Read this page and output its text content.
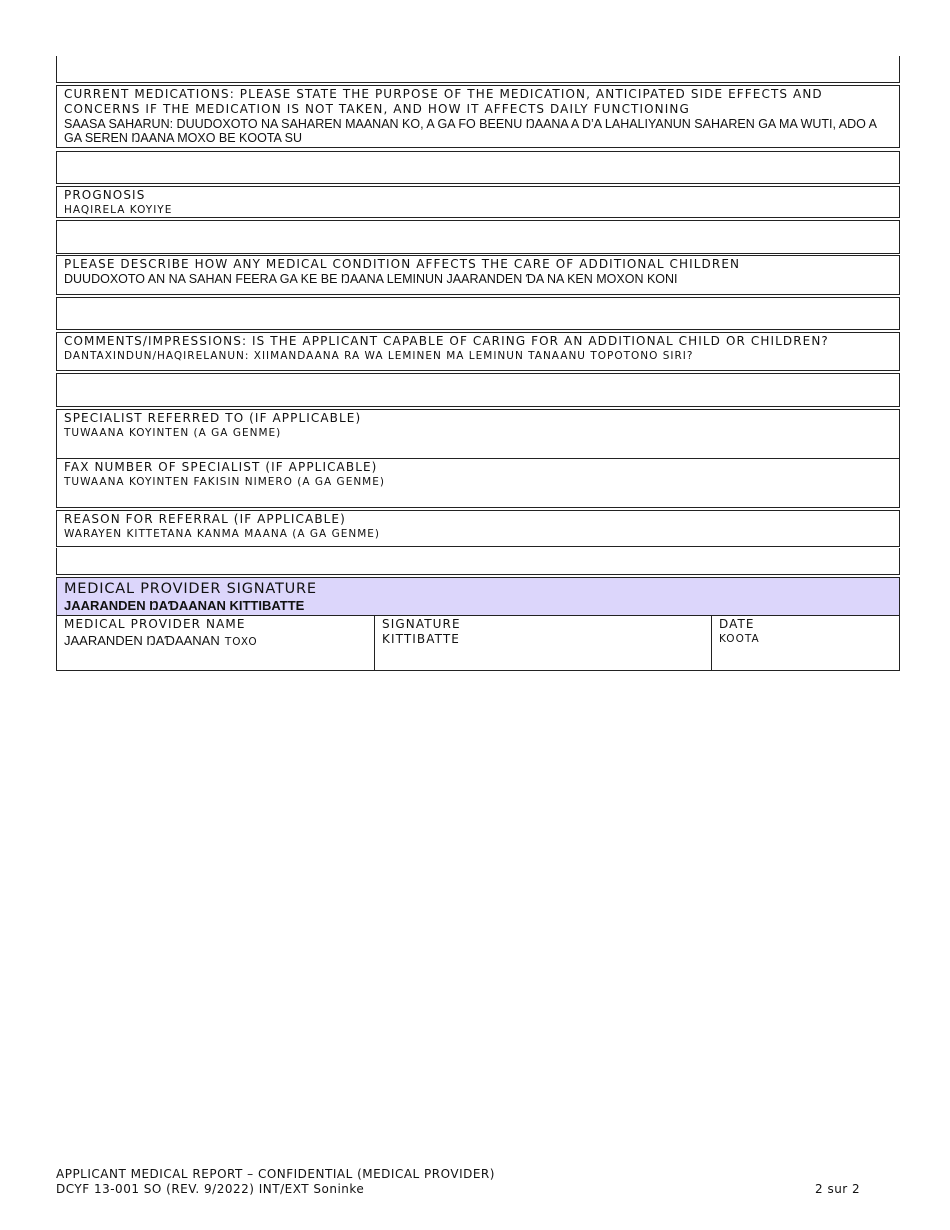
CURRENT MEDICATIONS: PLEASE STATE THE PURPOSE OF THE MEDICATION, ANTICIPATED SIDE EFFECTS AND
CONCERNS IF THE MEDICATION IS NOT TAKEN, AND HOW IT AFFECTS DAILY FUNCTIONING
SAASA SAHARUN: DUUDOXOTO NA SAHAREN MAANAN KO, A GA FO BEENU ŊAANA A D’A LAHALIYANUN SAHAREN GA MA WUTI, ADO A GA SEREN ŊAANA MOXO BE KOOTA SU
PROGNOSIS
HAQIRELA KOYIYE
PLEASE DESCRIBE HOW ANY MEDICAL CONDITION AFFECTS THE CARE OF ADDITIONAL CHILDREN
DUUDOXOTO AN NA SAHAN FEERA GA KE BE ŊAANA LEMINUN JAARANDEN ƊA NA KEN MOXON KONI
COMMENTS/IMPRESSIONS: IS THE APPLICANT CAPABLE OF CARING FOR AN ADDITIONAL CHILD OR CHILDREN?
DANTAXINDUN/HAQIRELANUN: XIIMANDAANA RA WA LEMINEN MA LEMINUN TANAANU TOPOTONO SIRI?
SPECIALIST REFERRED TO (IF APPLICABLE)
TUWAANA KOYINTEN (A GA GENME)
FAX NUMBER OF SPECIALIST (IF APPLICABLE)
TUWAANA KOYINTEN FAKISIN NIMERO (A GA GENME)
REASON FOR REFERRAL (IF APPLICABLE)
WARAYEN KITTETANA KANMA MAANA (A GA GENME)
MEDICAL PROVIDER SIGNATURE
JAARANDEN ŊAƊAANAN KITTIBATTE
MEDICAL PROVIDER NAME
JAARANDEN ŊAƊAANAN TOXO
SIGNATURE
KITTIBATTE
DATE
KOOTA
APPLICANT MEDICAL REPORT – CONFIDENTIAL (MEDICAL PROVIDER)
DCYF 13-001 SO (REV. 9/2022) INT/EXT Soninke	2 sur 2
